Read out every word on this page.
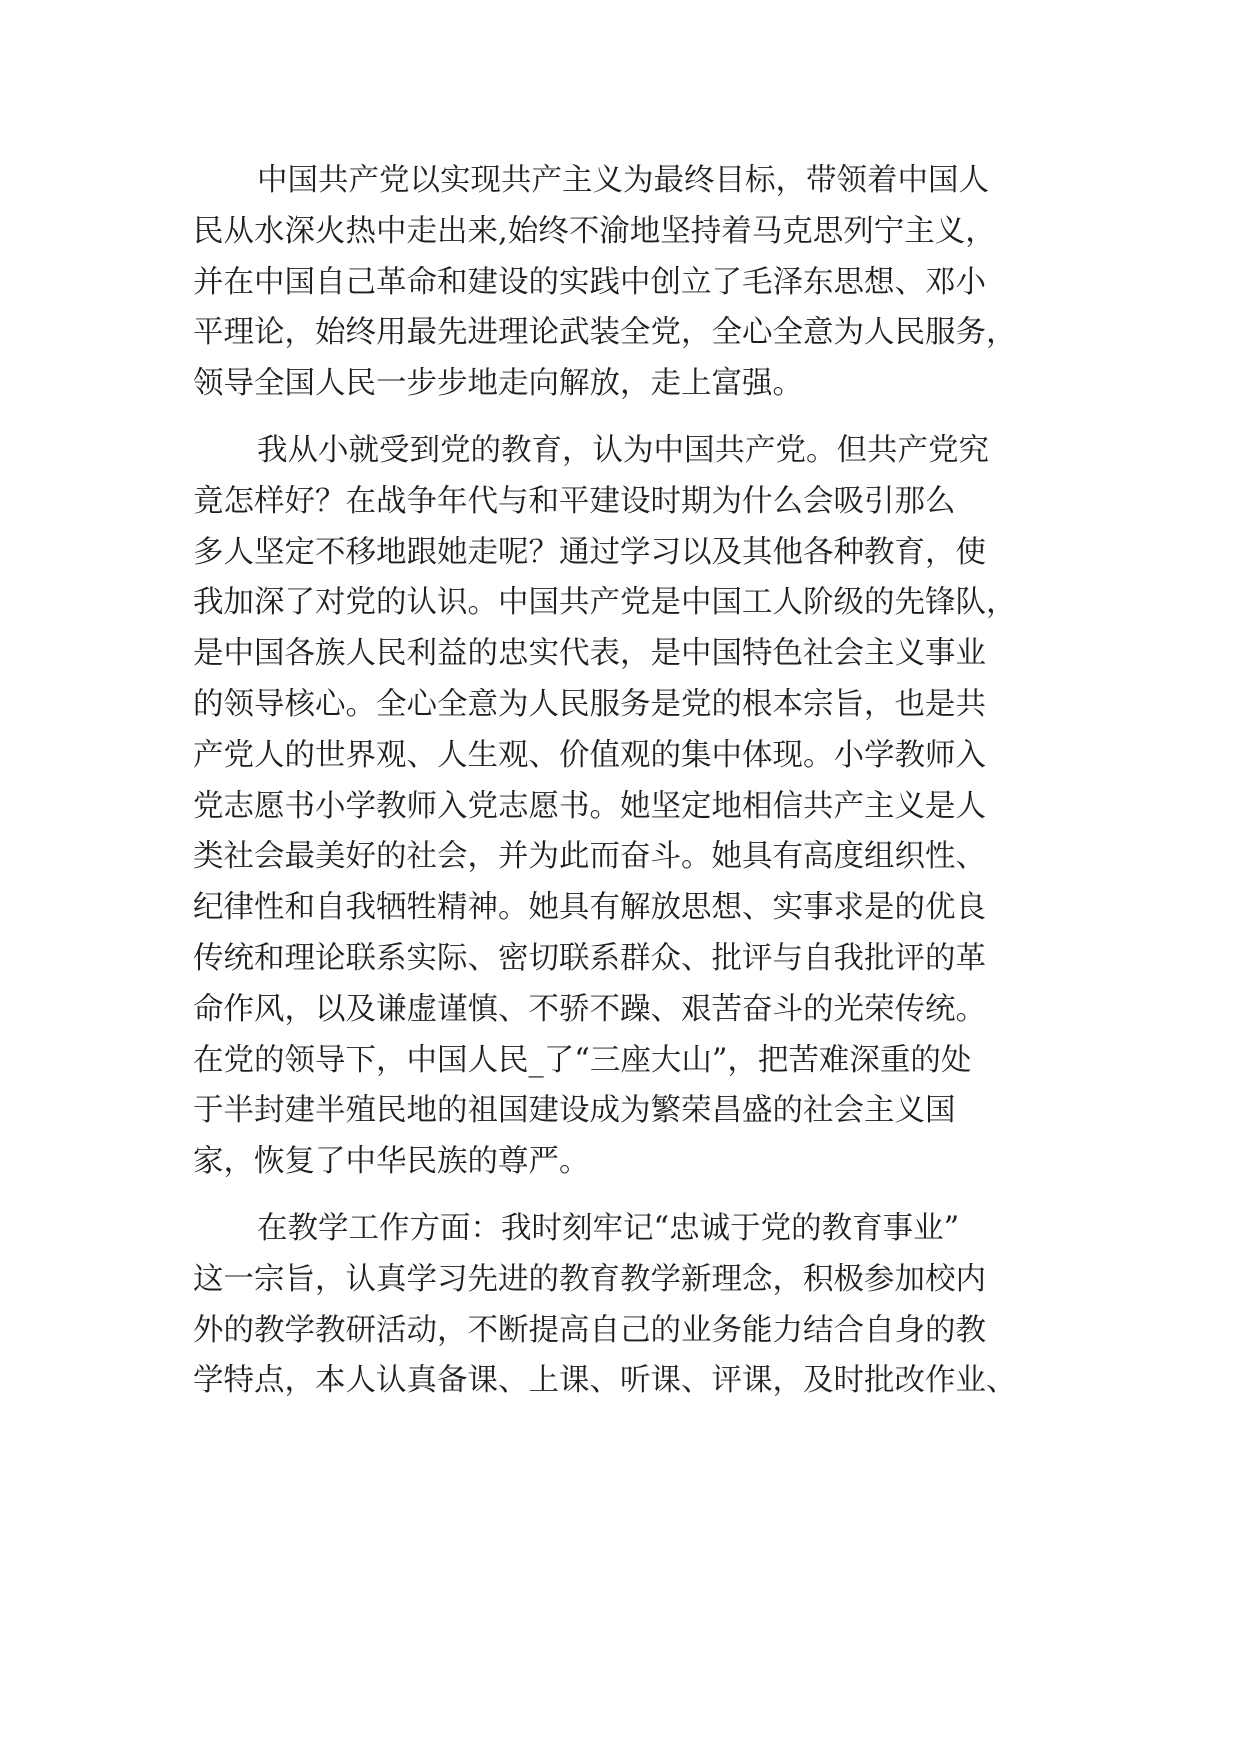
中国共产党以实现共产主义为最终目标，带领着中国人
民从水深火热中走出来,始终不渝地坚持着马克思列宁主义，
并在中国自己革命和建设的实践中创立了毛泽东思想、邓小
平理论，始终用最先进理论武装全党，全心全意为人民服务，
领导全国人民一步步地走向解放，走上富强。
我从小就受到党的教育，认为中国共产党。但共产党究
竟怎样好？在战争年代与和平建设时期为什么会吸引那么
多人坚定不移地跟她走呢？通过学习以及其他各种教育，使
我加深了对党的认识。中国共产党是中国工人阶级的先锋队，
是中国各族人民利益的忠实代表，是中国特色社会主义事业
的领导核心。全心全意为人民服务是党的根本宗旨，也是共
产党人的世界观、人生观、价值观的集中体现。小学教师入
党志愿书小学教师入党志愿书。她坚定地相信共产主义是人
类社会最美好的社会，并为此而奋斗。她具有高度组织性、
纪律性和自我牺牲精神。她具有解放思想、实事求是的优良
传统和理论联系实际、密切联系群众、批评与自我批评的革
命作风，以及谦虚谨慎、不骄不躁、艰苦奋斗的光荣传统。
在党的领导下，中国人民_了“三座大山”，把苦难深重的处
于半封建半殖民地的祖国建设成为繁荣昌盛的社会主义国
家，恢复了中华民族的尊严。
在教学工作方面：我时刻牢记“忠诚于党的教育事业”
这一宗旨，认真学习先进的教育教学新理念，积极参加校内
外的教学教研活动，不断提高自己的业务能力结合自身的教
学特点，本人认真备课、上课、听课、评课，及时批改作业、
